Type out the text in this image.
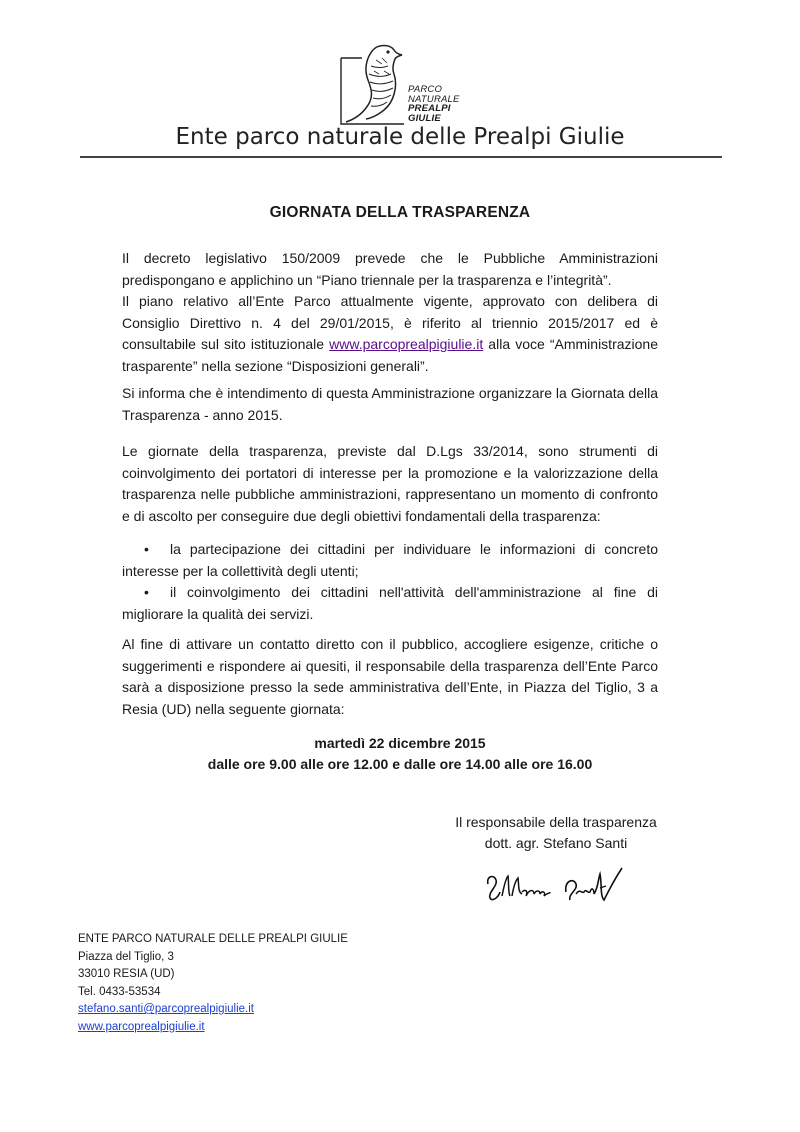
PARCO
NATURALE
PREALPI
GIULIE
Ente parco naturale delle Prealpi Giulie
GIORNATA DELLA TRASPARENZA

Il decreto legislativo 150/2009 prevede che le Pubbliche Amministrazioni predispongano e applichino un “Piano triennale per la trasparenza e l’integrità”.

Il piano relativo all’Ente Parco attualmente vigente, approvato con delibera di Consiglio Direttivo n. 4 del 29/01/2015, è riferito al triennio 2015/2017 ed è consultabile sul sito istituzionale www.parcoprealpigiulie.it alla voce “Amministrazione trasparente” nella sezione “Disposizioni generali”.

Si informa che è intendimento di questa Amministrazione organizzare la Giornata della Trasparenza - anno 2015.

Le giornate della trasparenza, previste dal D.Lgs 33/2014, sono strumenti di coinvolgimento dei portatori di interesse per la promozione e la valorizzazione della trasparenza nelle pubbliche amministrazioni, rappresentano un momento di confronto e di ascolto per conseguire due degli obiettivi fondamentali della trasparenza:

• la partecipazione dei cittadini per individuare le informazioni di concreto interesse per la collettività degli utenti;
• il coinvolgimento dei cittadini nell'attività dell'amministrazione al fine di migliorare la qualità dei servizi.

Al fine di attivare un contatto diretto con il pubblico, accogliere esigenze, critiche o suggerimenti e rispondere ai quesiti, il responsabile della trasparenza dell’Ente Parco sarà a disposizione presso la sede amministrativa dell’Ente, in Piazza del Tiglio, 3 a Resia (UD) nella seguente giornata:

martedì 22 dicembre 2015
dalle ore 9.00 alle ore 12.00 e dalle ore 14.00 alle ore 16.00
Il responsabile della trasparenza
dott. agr. Stefano Santi
ENTE PARCO NATURALE DELLE PREALPI GIULIE
Piazza del Tiglio, 3
33010 RESIA (UD)
Tel. 0433-53534
stefano.santi@parcoprealpigiulie.it
www.parcoprealpigiulie.it
